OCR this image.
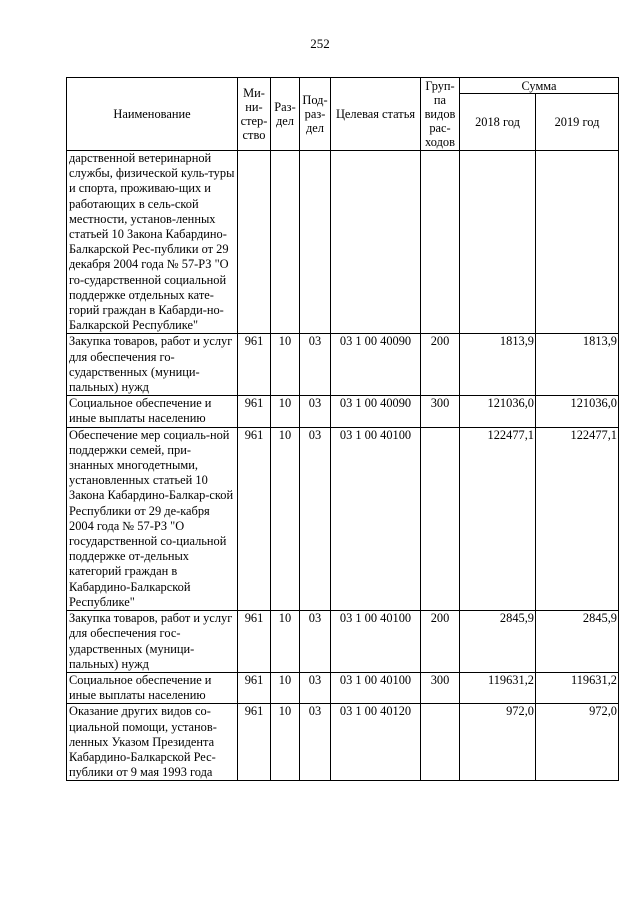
252
Наименование	Ми-ни-стер-ство	Раз-дел	Под-раз-дел	Целевая статья	Груп-па видов рас-ходов	Сумма	
						2018 год	2019 год
дарственной ветеринарной службы, физической куль-туры и спорта, проживаю-щих и работающих в сель-ской местности, установ-ленных статьей 10 Закона Кабардино-Балкарской Рес-публики от 29 декабря 2004 года № 57-РЗ "О го-сударственной социальной поддержке отдельных кате-горий граждан в Кабарди-но-Балкарской Республике"							
Закупка товаров, работ и услуг для обеспечения го-сударственных (муници-пальных) нужд	961	10	03	03 1 00 40090	200	1813,9	1813,9
Социальное обеспечение и иные выплаты населению	961	10	03	03 1 00 40090	300	121036,0	121036,0
Обеспечение мер социаль-ной поддержки семей, при-знанных многодетными, установленных статьей 10 Закона Кабардино-Балкар-ской Республики от 29 де-кабря 2004 года № 57-РЗ "О государственной со-циальной поддержке от-дельных категорий граждан в Кабардино-Балкарской Республике"	961	10	03	03 1 00 40100		122477,1	122477,1
Закупка товаров, работ и услуг для обеспечения гос-ударственных (муници-пальных) нужд	961	10	03	03 1 00 40100	200	2845,9	2845,9
Социальное обеспечение и иные выплаты населению	961	10	03	03 1 00 40100	300	119631,2	119631,2
Оказание других видов со-циальной помощи, установ-ленных Указом Президента Кабардино-Балкарской Рес-публики от 9 мая 1993 года	961	10	03	03 1 00 40120		972,0	972,0
